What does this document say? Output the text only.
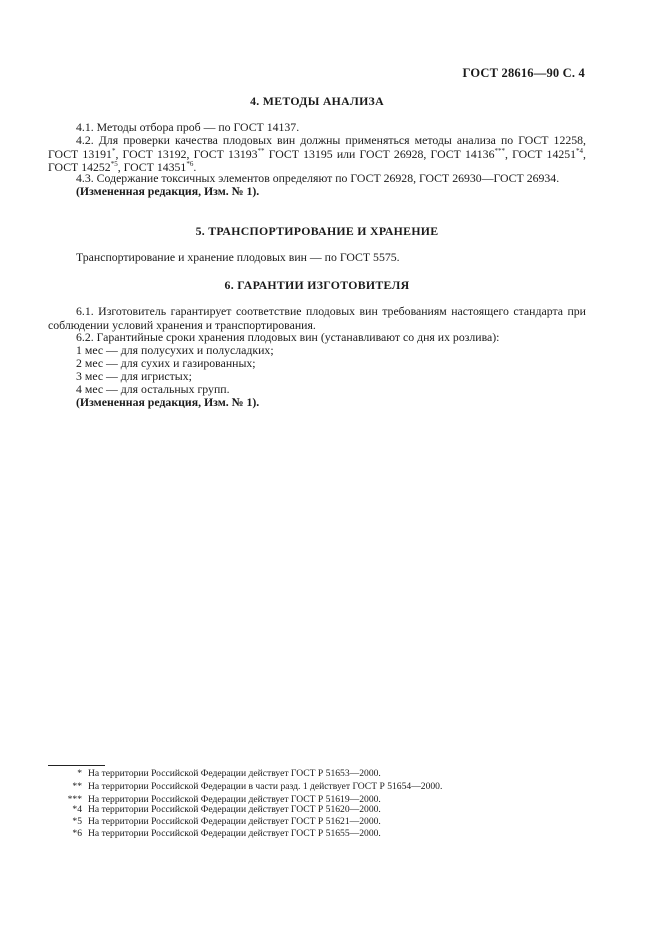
ГОСТ 28616—90 С. 4
4. МЕТОДЫ АНАЛИЗА

4.1. Методы отбора проб — по ГОСТ 14137.

4.2. Для проверки качества плодовых вин должны применяться методы анализа по ГОСТ 12258, ГОСТ 13191*, ГОСТ 13192, ГОСТ 13193** ГОСТ 13195 или ГОСТ 26928, ГОСТ 14136***, ГОСТ 14251$^{*4}$, ГОСТ 14252$^{*5}$, ГОСТ 14351$^{*6}$.

4.3. Содержание токсичных элементов определяют по ГОСТ 26928, ГОСТ 26930—ГОСТ 26934.

(Измененная редакция, Изм. № 1).

5. ТРАНСПОРТИРОВАНИЕ И ХРАНЕНИЕ

Транспортирование и хранение плодовых вин — по ГОСТ 5575.

6. ГАРАНТИИ ИЗГОТОВИТЕЛЯ

6.1. Изготовитель гарантирует соответствие плодовых вин требованиям настоящего стандарта при соблюдении условий хранения и транспортирования.

6.2. Гарантийные сроки хранения плодовых вин (устанавливают со дня их розлива):

1 мес — для полусухих и полусладких;

2 мес — для сухих и газированных;

3 мес — для игристых;

4 мес — для остальных групп.

(Измененная редакция, Изм. № 1).

* На территории Российской Федерации действует ГОСТ Р 51653—2000.
** На территории Российской Федерации в части разд. 1 действует ГОСТ Р 51654—2000.
*** На территории Российской Федерации действует ГОСТ Р 51619—2000.
*4 На территории Российской Федерации действует ГОСТ Р 51620—2000.
*5 На территории Российской Федерации действует ГОСТ Р 51621—2000.
*6 На территории Российской Федерации действует ГОСТ Р 51655—2000.
